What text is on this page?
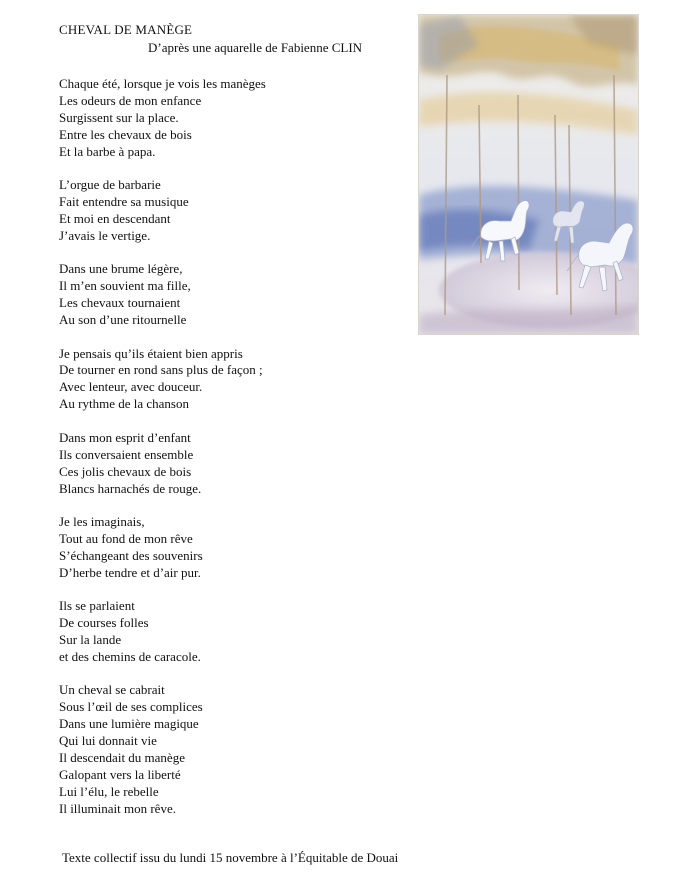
CHEVAL DE MANÈGE
D’après une aquarelle de Fabienne CLIN
Chaque été, lorsque je vois les manèges
Les odeurs de mon enfance
Surgissent sur la place.
Entre les chevaux de bois
Et la barbe à papa.
L’orgue de barbarie
Fait entendre sa musique
Et moi en descendant
J’avais le vertige.
Dans une brume légère,
Il m’en souvient ma fille,
Les chevaux tournaient
Au son d’une ritournelle
Je pensais qu’ils étaient bien appris
De tourner en rond sans plus de façon ;
Avec lenteur, avec douceur.
Au rythme de la chanson
Dans mon esprit d’enfant
Ils conversaient ensemble
Ces jolis chevaux de bois
Blancs harnachés de rouge.
Je les imaginais,
Tout au fond de mon rêve
S’échangeant des souvenirs
D’herbe tendre et d’air pur.
Ils se parlaient
De courses folles
Sur la lande
et des chemins de caracole.
Un cheval se cabrait
Sous l’œil de ses complices
Dans une lumière magique
Qui lui donnait vie
Il descendait du manège
Galopant vers la liberté
Lui l’élu, le rebelle
Il illuminait mon rêve.
Texte collectif issu du lundi 15 novembre à l’Équitable de Douai
